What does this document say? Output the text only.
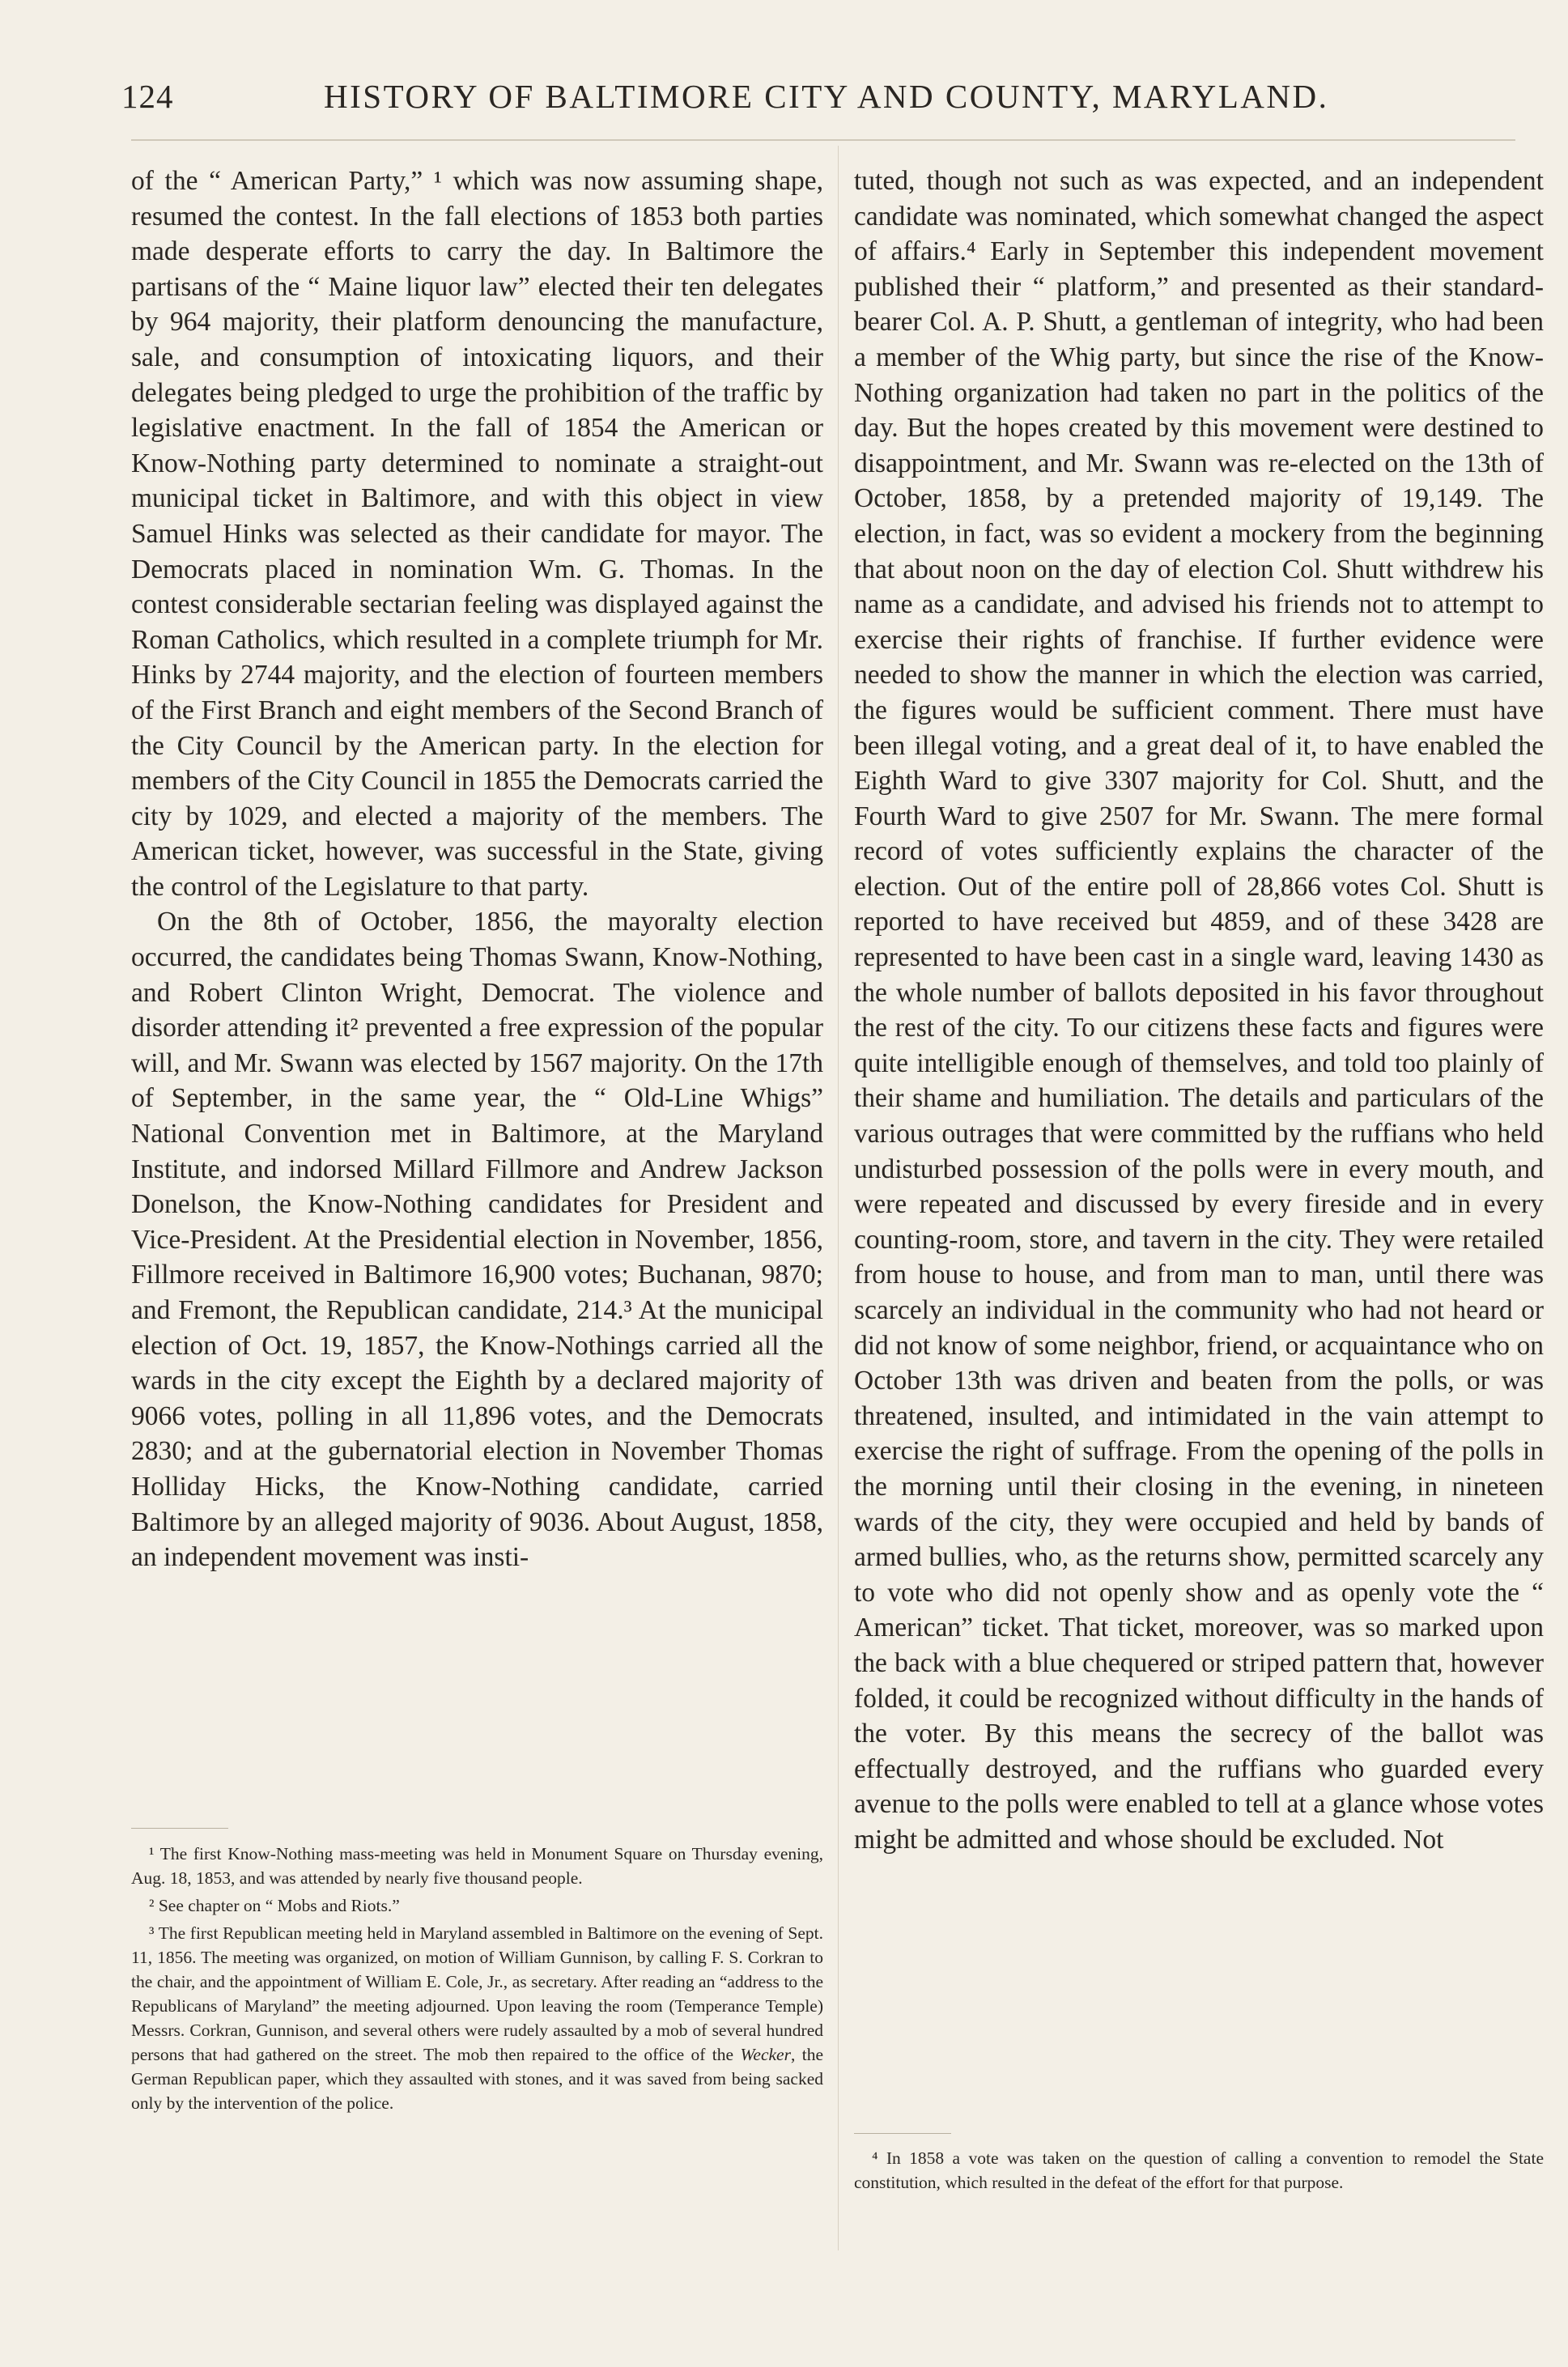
124	HISTORY OF BALTIMORE CITY AND COUNTY, MARYLAND.

of the “ American Party,” ¹ which was now assuming shape, resumed the contest. In the fall elections of 1853 both parties made desperate efforts to carry the day. In Baltimore the partisans of the “ Maine liquor law” elected their ten delegates by 964 majority, their platform denouncing the manufacture, sale, and consumption of intoxicating liquors, and their delegates being pledged to urge the prohibition of the traffic by legislative enactment. In the fall of 1854 the American or Know-Nothing party determined to nominate a straight-out municipal ticket in Baltimore, and with this object in view Samuel Hinks was selected as their candidate for mayor. The Democrats placed in nomination Wm. G. Thomas. In the contest considerable sectarian feeling was displayed against the Roman Catholics, which resulted in a complete triumph for Mr. Hinks by 2744 majority, and the election of fourteen members of the First Branch and eight members of the Second Branch of the City Council by the American party. In the election for members of the City Council in 1855 the Democrats carried the city by 1029, and elected a majority of the members. The American ticket, however, was successful in the State, giving the control of the Legislature to that party.

On the 8th of October, 1856, the mayoralty election occurred, the candidates being Thomas Swann, Know-Nothing, and Robert Clinton Wright, Democrat. The violence and disorder attending it² prevented a free expression of the popular will, and Mr. Swann was elected by 1567 majority. On the 17th of September, in the same year, the “ Old-Line Whigs” National Convention met in Baltimore, at the Maryland Institute, and indorsed Millard Fillmore and Andrew Jackson Donelson, the Know-Nothing candidates for President and Vice-President. At the Presidential election in November, 1856, Fillmore received in Baltimore 16,900 votes; Buchanan, 9870; and Fremont, the Republican candidate, 214.³ At the municipal election of Oct. 19, 1857, the Know-Nothings carried all the wards in the city except the Eighth by a declared majority of 9066 votes, polling in all 11,896 votes, and the Democrats 2830; and at the gubernatorial election in November Thomas Holliday Hicks, the Know-Nothing candidate, carried Baltimore by an alleged majority of 9036. About August, 1858, an independent movement was insti-

¹ The first Know-Nothing mass-meeting was held in Monument Square on Thursday evening, Aug. 18, 1853, and was attended by nearly five thousand people.

² See chapter on “ Mobs and Riots.”

³ The first Republican meeting held in Maryland assembled in Baltimore on the evening of Sept. 11, 1856. The meeting was organized, on motion of William Gunnison, by calling F. S. Corkran to the chair, and the appointment of William E. Cole, Jr., as secretary. After reading an “address to the Republicans of Maryland” the meeting adjourned. Upon leaving the room (Temperance Temple) Messrs. Corkran, Gunnison, and several others were rudely assaulted by a mob of several hundred persons that had gathered on the street. The mob then repaired to the office of the Wecker, the German Republican paper, which they assaulted with stones, and it was saved from being sacked only by the intervention of the police.

tuted, though not such as was expected, and an independent candidate was nominated, which somewhat changed the aspect of affairs.⁴ Early in September this independent movement published their “ platform,” and presented as their standard-bearer Col. A. P. Shutt, a gentleman of integrity, who had been a member of the Whig party, but since the rise of the Know-Nothing organization had taken no part in the politics of the day. But the hopes created by this movement were destined to disappointment, and Mr. Swann was re-elected on the 13th of October, 1858, by a pretended majority of 19,149. The election, in fact, was so evident a mockery from the beginning that about noon on the day of election Col. Shutt withdrew his name as a candidate, and advised his friends not to attempt to exercise their rights of franchise. If further evidence were needed to show the manner in which the election was carried, the figures would be sufficient comment. There must have been illegal voting, and a great deal of it, to have enabled the Eighth Ward to give 3307 majority for Col. Shutt, and the Fourth Ward to give 2507 for Mr. Swann. The mere formal record of votes sufficiently explains the character of the election. Out of the entire poll of 28,866 votes Col. Shutt is reported to have received but 4859, and of these 3428 are represented to have been cast in a single ward, leaving 1430 as the whole number of ballots deposited in his favor throughout the rest of the city. To our citizens these facts and figures were quite intelligible enough of themselves, and told too plainly of their shame and humiliation. The details and particulars of the various outrages that were committed by the ruffians who held undisturbed possession of the polls were in every mouth, and were repeated and discussed by every fireside and in every counting-room, store, and tavern in the city. They were retailed from house to house, and from man to man, until there was scarcely an individual in the community who had not heard or did not know of some neighbor, friend, or acquaintance who on October 13th was driven and beaten from the polls, or was threatened, insulted, and intimidated in the vain attempt to exercise the right of suffrage. From the opening of the polls in the morning until their closing in the evening, in nineteen wards of the city, they were occupied and held by bands of armed bullies, who, as the returns show, permitted scarcely any to vote who did not openly show and as openly vote the “ American” ticket. That ticket, moreover, was so marked upon the back with a blue chequered or striped pattern that, however folded, it could be recognized without difficulty in the hands of the voter. By this means the secrecy of the ballot was effectually destroyed, and the ruffians who guarded every avenue to the polls were enabled to tell at a glance whose votes might be admitted and whose should be excluded. Not

⁴ In 1858 a vote was taken on the question of calling a convention to remodel the State constitution, which resulted in the defeat of the effort for that purpose.
